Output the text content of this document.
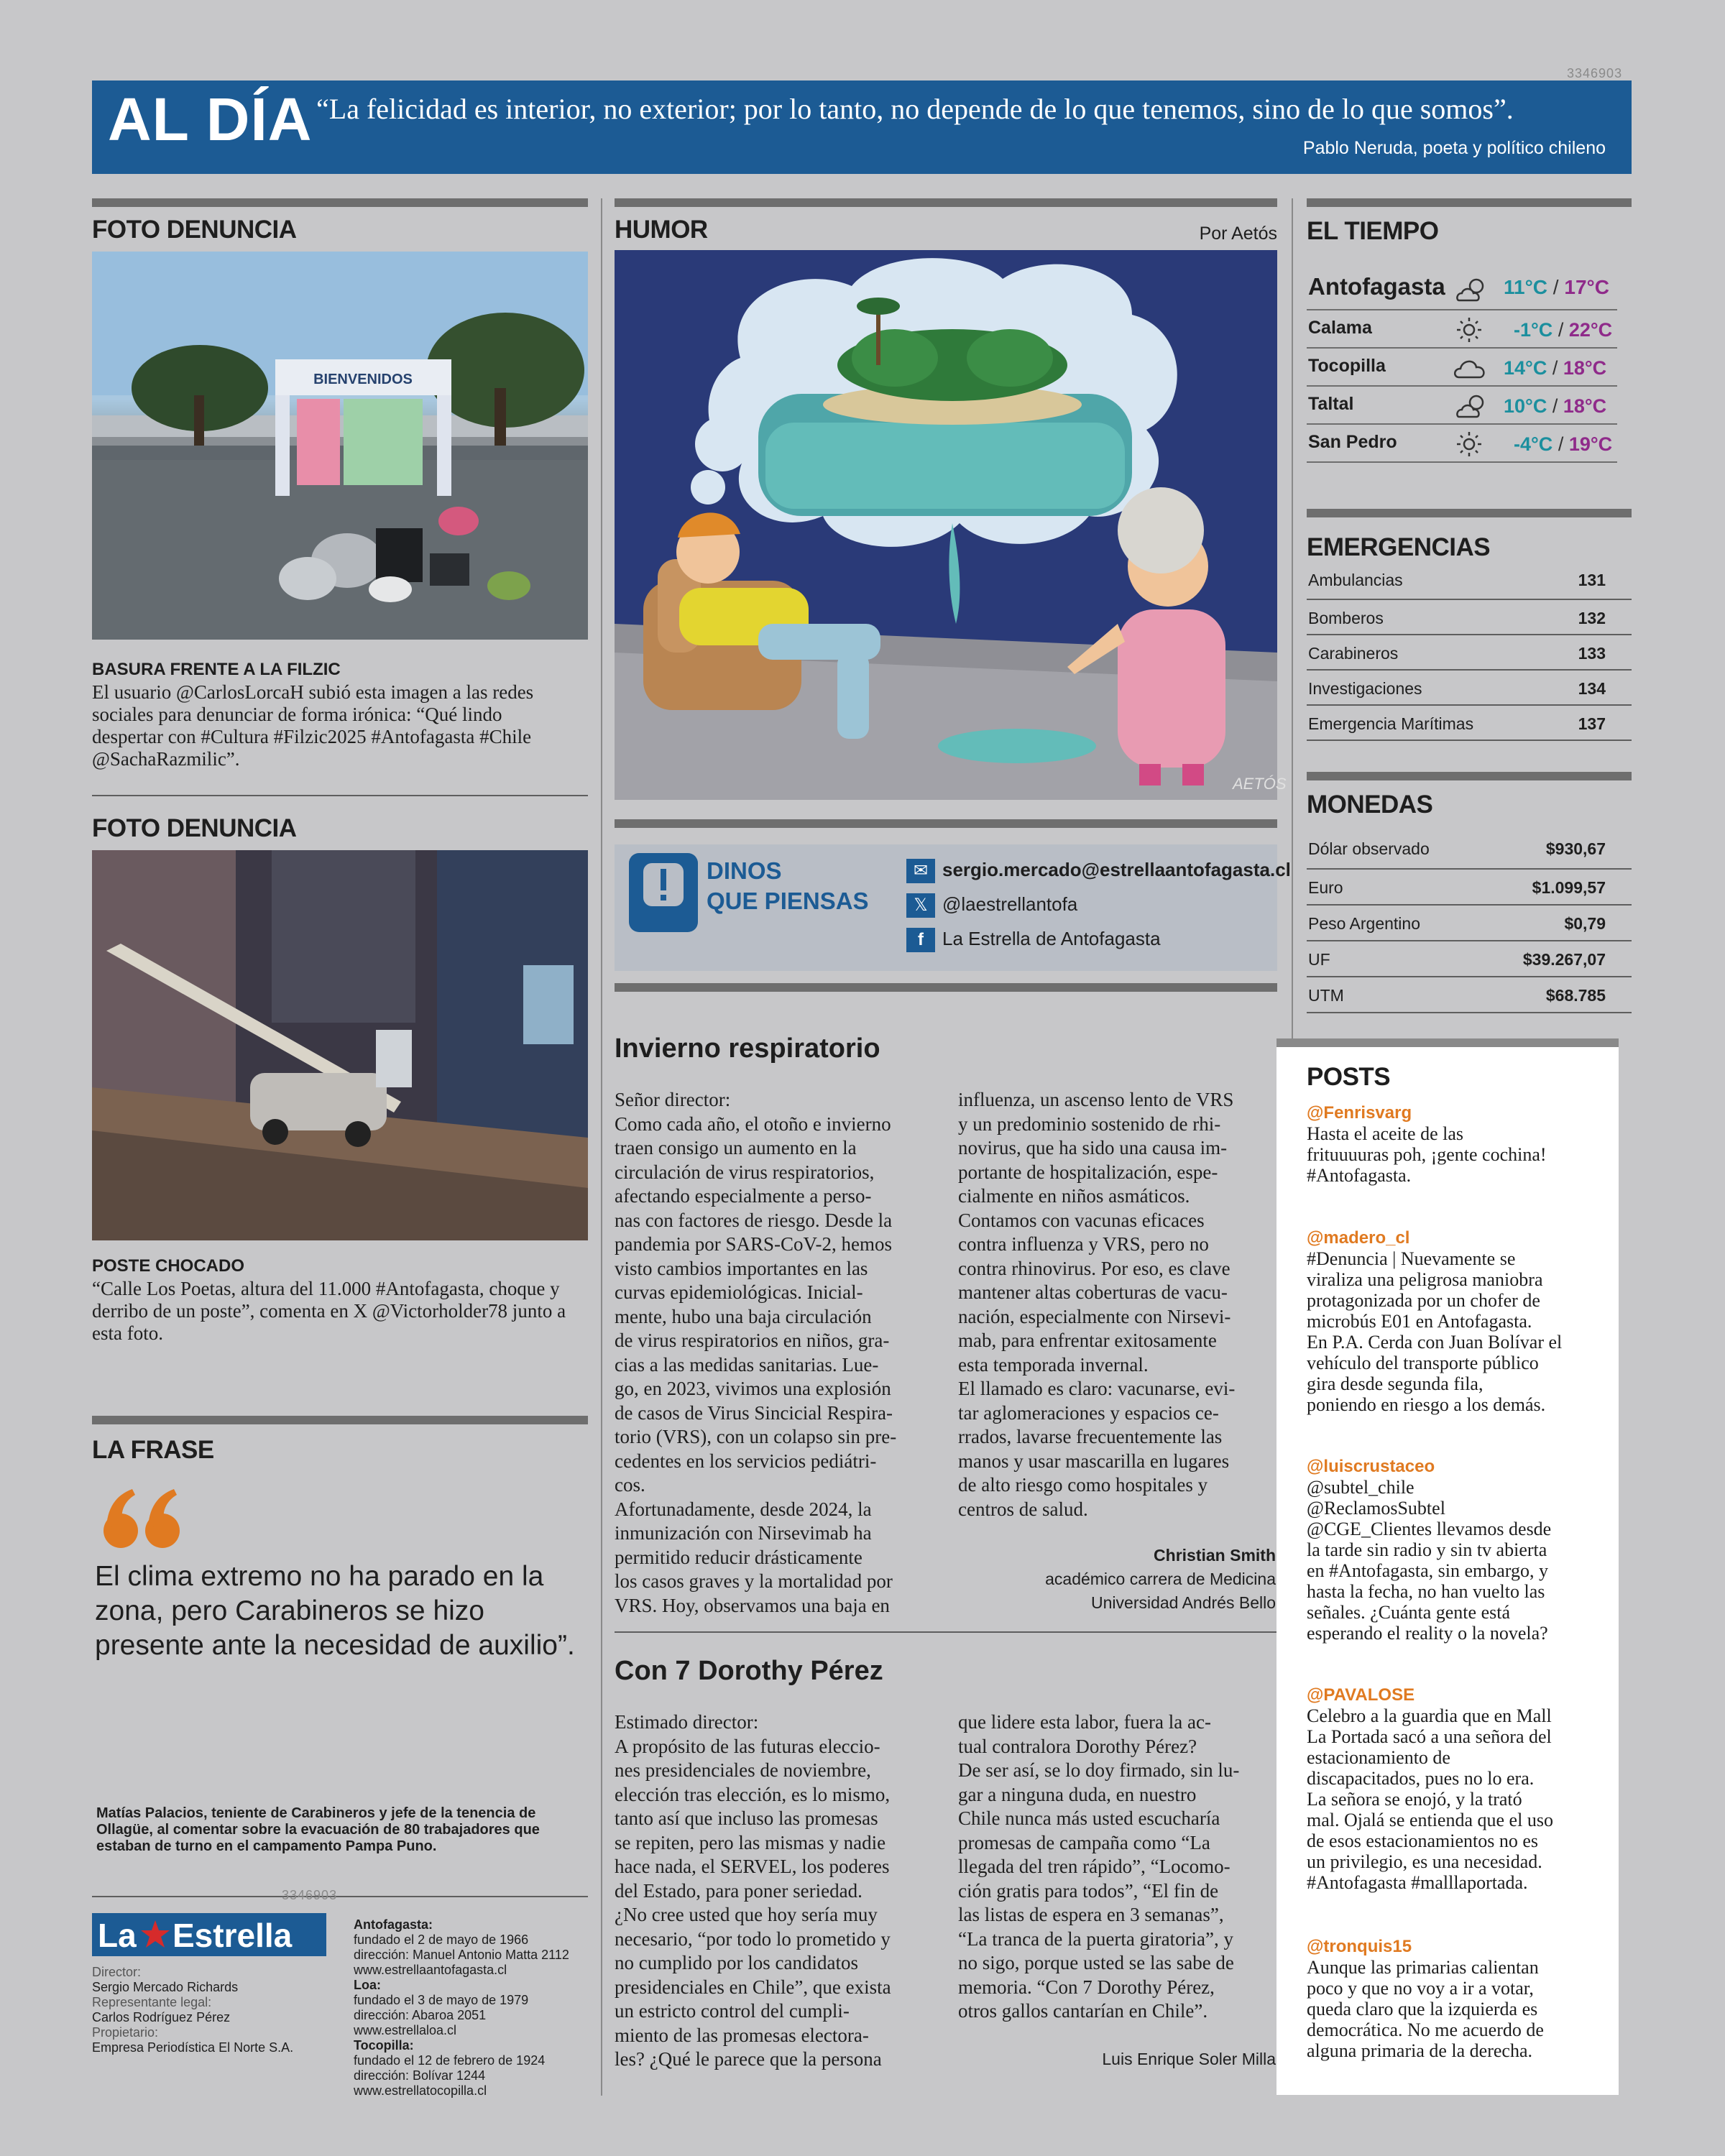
3346903
AL DÍA “La felicidad es interior, no exterior; por lo tanto, no depende de lo que tenemos, sino de lo que somos”.
Pablo Neruda, poeta y político chileno
FOTO DENUNCIA
BIENVENIDOS
BASURA FRENTE A LA FILZIC
El usuario @CarlosLorcaH subió esta imagen a las redes sociales para denunciar de forma irónica: “Qué lindo despertar con #Cultura #Filzic2025 #Antofagasta #Chile @SachaRazmilic”.
FOTO DENUNCIA
POSTE CHOCADO
“Calle Los Poetas, altura del 11.000 #Antofagasta, choque y derribo de un poste”, comenta en X @Victorholder78 junto a esta foto.
LA FRASE
El clima extremo no ha parado en la zona, pero Carabineros se hizo presente ante la necesidad de auxilio”.
Matías Palacios, teniente de Carabineros y jefe de la tenencia de Ollagüe, al comentar sobre la evacuación de 80 trabajadores que estaban de turno en el campamento Pampa Puno.
3346903
La Estrella
Director:
Sergio Mercado Richards
Representante legal:
Carlos Rodríguez Pérez
Propietario:
Empresa Periodística El Norte S.A.
Antofagasta:
fundado el 2 de mayo de 1966
dirección: Manuel Antonio Matta 2112
www.estrellaantofagasta.cl
Loa:
fundado el 3 de mayo de 1979
dirección: Abaroa 2051
www.estrellaloa.cl
Tocopilla:
fundado el 12 de febrero de 1924
dirección: Bolívar 1244
www.estrellatocopilla.cl
HUMOR	Por Aetós
AETÓS
DINOS
QUE PIENSAS
✉ sergio.mercado@estrellaantofagasta.cl
𝕏 @laestrellantofa
f	La Estrella de Antofagasta
Invierno respiratorio
Señor director:
Como cada año, el otoño e invierno
traen consigo un aumento en la
circulación de virus respiratorios,
afectando especialmente a perso-
nas con factores de riesgo. Desde la
pandemia por SARS-CoV-2, hemos
visto cambios importantes en las
curvas epidemiológicas. Inicial-
mente, hubo una baja circulación
de virus respiratorios en niños, gra-
cias a las medidas sanitarias. Lue-
go, en 2023, vivimos una explosión
de casos de Virus Sincicial Respira-
torio (VRS), con un colapso sin pre-
cedentes en los servicios pediátri-
cos.
Afortunadamente, desde 2024, la
inmunización con Nirsevimab ha
permitido reducir drásticamente
los casos graves y la mortalidad por
VRS. Hoy, observamos una baja en
influenza, un ascenso lento de VRS
y un predominio sostenido de rhi-
novirus, que ha sido una causa im-
portante de hospitalización, espe-
cialmente en niños asmáticos.
Contamos con vacunas eficaces
contra influenza y VRS, pero no
contra rhinovirus. Por eso, es clave
mantener altas coberturas de vacu-
nación, especialmente con Nirsevi-
mab, para enfrentar exitosamente
esta temporada invernal.
El llamado es claro: vacunarse, evi-
tar aglomeraciones y espacios ce-
rrados, lavarse frecuentemente las
manos y usar mascarilla en lugares
de alto riesgo como hospitales y
centros de salud.
Christian Smith
académico carrera de Medicina
Universidad Andrés Bello
Con 7 Dorothy Pérez
Estimado director:
A propósito de las futuras eleccio-
nes presidenciales de noviembre,
elección tras elección, es lo mismo,
tanto así que incluso las promesas
se repiten, pero las mismas y nadie
hace nada, el SERVEL, los poderes
del Estado, para poner seriedad.
¿No cree usted que hoy sería muy
necesario, “por todo lo prometido y
no cumplido por los candidatos
presidenciales en Chile”, que exista
un estricto control del cumpli-
miento de las promesas electora-
les? ¿Qué le parece que la persona
que lidere esta labor, fuera la ac-
tual contralora Dorothy Pérez?
De ser así, se lo doy firmado, sin lu-
gar a ninguna duda, en nuestro
Chile nunca más usted escucharía
promesas de campaña como “La
llegada del tren rápido”, “Locomo-
ción gratis para todos”, “El fin de
las listas de espera en 3 semanas”,
“La tranca de la puerta giratoria”, y
no sigo, porque usted se las sabe de
memoria. “Con 7 Dorothy Pérez,
otros gallos cantarían en Chile”.
Luis Enrique Soler Milla
EL TIEMPO
Antofagasta	11°C / 17°C
Calama	-1°C / 22°C
Tocopilla	14°C / 18°C
Taltal	10°C / 18°C
San Pedro	-4°C / 19°C
EMERGENCIAS
Ambulancias	131
Bomberos	132
Carabineros	133
Investigaciones	134
Emergencia Marítimas	137
MONEDAS
Dólar observado	$930,67
Euro	$1.099,57
Peso Argentino	$0,79
UF	$39.267,07
UTM	$68.785
POSTS
@Fenrisvarg
Hasta el aceite de las
frituuuuras poh, ¡gente cochina!
#Antofagasta.
@madero_cl
#Denuncia | Nuevamente se
viraliza una peligrosa maniobra
protagonizada por un chofer de
microbús E01 en Antofagasta.
En P.A. Cerda con Juan Bolívar el
vehículo del transporte público
gira desde segunda fila,
poniendo en riesgo a los demás.
@luiscrustaceo
@subtel_chile
@ReclamosSubtel
@CGE_Clientes llevamos desde
la tarde sin radio y sin tv abierta
en #Antofagasta, sin embargo, y
hasta la fecha, no han vuelto las
señales. ¿Cuánta gente está
esperando el reality o la novela?
@PAVALOSE
Celebro a la guardia que en Mall
La Portada sacó a una señora del
estacionamiento de
discapacitados, pues no lo era.
La señora se enojó, y la trató
mal. Ojalá se entienda que el uso
de esos estacionamientos no es
un privilegio, es una necesidad.
#Antofagasta #malllaportada.
@tronquis15
Aunque las primarias calientan
poco y que no voy a ir a votar,
queda claro que la izquierda es
democrática. No me acuerdo de
alguna primaria de la derecha.
